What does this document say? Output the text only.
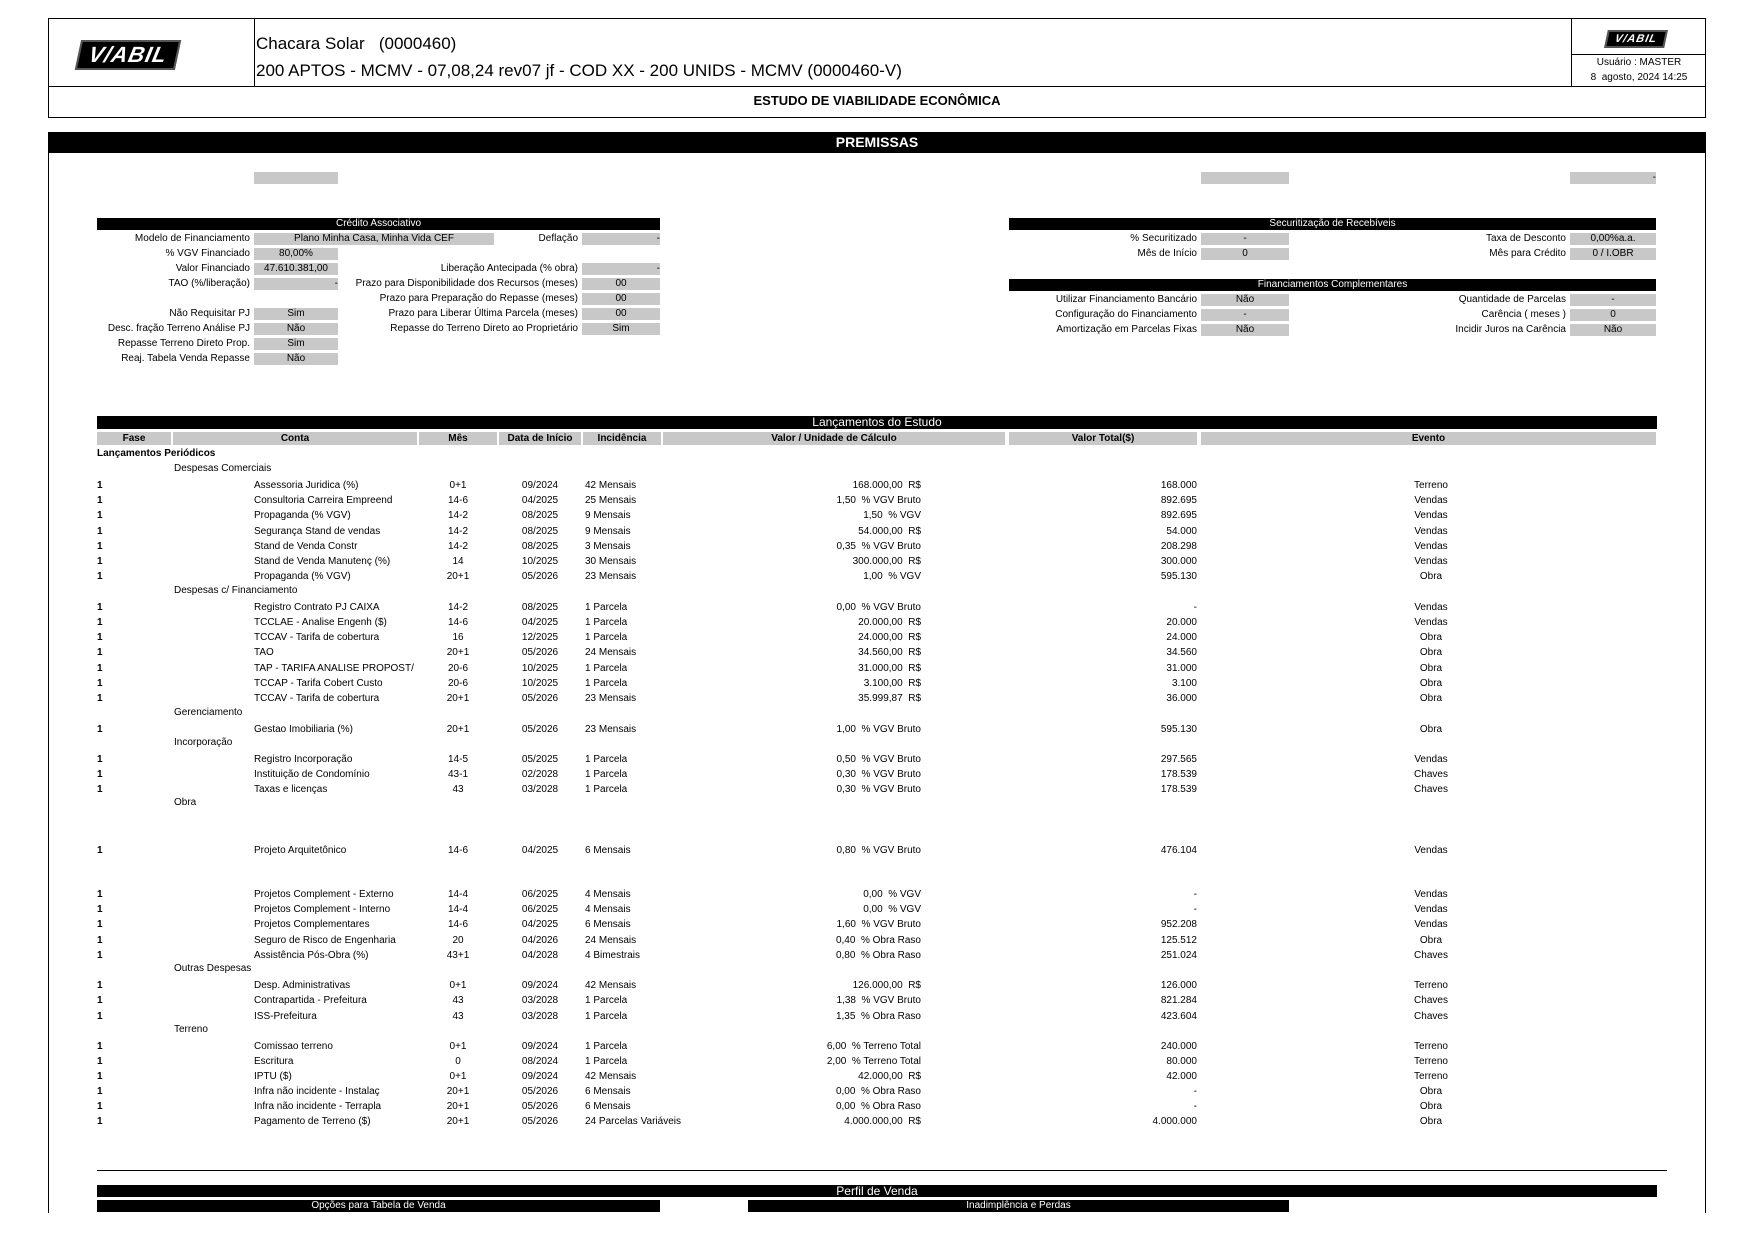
V/ABIL
V/ABIL
Chacara Solar   (0000460)
200 APTOS - MCMV - 07,08,24 rev07 jf - COD XX - 200 UNIDS - MCMV (0000460-V)	Usuário : MASTER
8  agosto, 2024 14:25
ESTUDO DE VIABILIDADE ECONÔMICA
PREMISSAS
-
Crédito Associativo
Modelo de Financiamento	Plano Minha Casa, Minha Vida CEF
% VGV Financiado	80,00%
Valor Financiado	47.610.381,00
TAO (%/liberação)	-
Não Requisitar PJ	Sim
Desc. fração Terreno Análise PJ	Não
Repasse Terreno Direto Prop.	Sim
Reaj. Tabela Venda Repasse	Não
Deflação	-
Liberação Antecipada (% obra)	-
Prazo para Disponibilidade dos Recursos (meses)	00
Prazo para Preparação do Repasse (meses)	00
Prazo para Liberar Última Parcela (meses)	00
Repasse do Terreno Direto ao Proprietário	Sim
Securitização de Recebíveis
% Securitizado	-	Taxa de Desconto	0,00%a.a.
Mês de Início	0	Mês para Crédito	0 / I.OBR
Financiamentos Complementares
Utilizar Financiamento Bancário	Não	Quantidade de Parcelas	-
Configuração do Financiamento	-	Carência ( meses )	0
Amortização em Parcelas Fixas	Não	Incidir Juros na Carência	Não
Lançamentos do Estudo
Fase	Conta	Mês	Data de Início	Incidência	Valor / Unidade de Cálculo	Valor Total($)	Evento
Lançamentos Periódicos
Despesas Comerciais
1	Assessoria Juridica (%)	0+1	09/2024	42 Mensais	168.000,00  R$	168.000	Terreno
1	Consultoria Carreira Empreend	14-6	04/2025	25 Mensais	1,50  % VGV Bruto	892.695	Vendas
1	Propaganda (% VGV)	14-2	08/2025	9 Mensais	1,50  % VGV	892.695	Vendas
1	Segurança Stand de vendas	14-2	08/2025	9 Mensais	54.000,00  R$	54.000	Vendas
1	Stand de Venda Constr	14-2	08/2025	3 Mensais	0,35  % VGV Bruto	208.298	Vendas
1	Stand de Venda Manutenç (%)	14	10/2025	30 Mensais	300.000,00  R$	300.000	Vendas
1	Propaganda (% VGV)	20+1	05/2026	23 Mensais	1,00  % VGV	595.130	Obra
Despesas c/ Financiamento
1	Registro Contrato PJ CAIXA	14-2	08/2025	1 Parcela	0,00  % VGV Bruto	-	Vendas
1	TCCLAE - Analise Engenh ($)	14-6	04/2025	1 Parcela	20.000,00  R$	20.000	Vendas
1	TCCAV - Tarifa de cobertura	16	12/2025	1 Parcela	24.000,00  R$	24.000	Obra
1	TAO	20+1	05/2026	24 Mensais	34.560,00  R$	34.560	Obra
1	TAP - TARIFA ANALISE PROPOST/	20-6	10/2025	1 Parcela	31.000,00  R$	31.000	Obra
1	TCCAP - Tarifa Cobert Custo	20-6	10/2025	1 Parcela	3.100,00  R$	3.100	Obra
1	TCCAV - Tarifa de cobertura	20+1	05/2026	23 Mensais	35.999,87  R$	36.000	Obra
Gerenciamento
1	Gestao Imobiliaria (%)	20+1	05/2026	23 Mensais	1,00  % VGV Bruto	595.130	Obra
Incorporação
1	Registro Incorporação	14-5	05/2025	1 Parcela	0,50  % VGV Bruto	297.565	Vendas
1	Instituição de Condomínio	43-1	02/2028	1 Parcela	0,30  % VGV Bruto	178.539	Chaves
1	Taxas e licenças	43	03/2028	1 Parcela	0,30  % VGV Bruto	178.539	Chaves
Obra
1	Projeto Arquitetônico	14-6	04/2025	6 Mensais	0,80  % VGV Bruto	476.104	Vendas
1	Projetos Complement - Externo	14-4	06/2025	4 Mensais	0,00  % VGV	-	Vendas
1	Projetos Complement - Interno	14-4	06/2025	4 Mensais	0,00  % VGV	-	Vendas
1	Projetos Complementares	14-6	04/2025	6 Mensais	1,60  % VGV Bruto	952.208	Vendas
1	Seguro de Risco de Engenharia	20	04/2026	24 Mensais	0,40  % Obra Raso	125.512	Obra
1	Assistência Pós-Obra (%)	43+1	04/2028	4 Bimestrais	0,80  % Obra Raso	251.024	Chaves
Outras Despesas
1	Desp. Administrativas	0+1	09/2024	42 Mensais	126.000,00  R$	126.000	Terreno
1	Contrapartida - Prefeitura	43	03/2028	1 Parcela	1,38  % VGV Bruto	821.284	Chaves
1	ISS-Prefeitura	43	03/2028	1 Parcela	1,35  % Obra Raso	423.604	Chaves
Terreno
1	Comissao terreno	0+1	09/2024	1 Parcela	6,00  % Terreno Total	240.000	Terreno
1	Escritura	0	08/2024	1 Parcela	2,00  % Terreno Total	80.000	Terreno
1	IPTU ($)	0+1	09/2024	42 Mensais	42.000,00  R$	42.000	Terreno
1	Infra não incidente - Instalaç	20+1	05/2026	6 Mensais	0,00  % Obra Raso	-	Obra
1	Infra não incidente - Terrapla	20+1	05/2026	6 Mensais	0,00  % Obra Raso	-	Obra
1	Pagamento de Terreno ($)	20+1	05/2026	24 Parcelas Variáveis	4.000.000,00  R$	4.000.000	Obra
Perfil de Venda
Opções para Tabela de Venda	Inadimplência e Perdas
